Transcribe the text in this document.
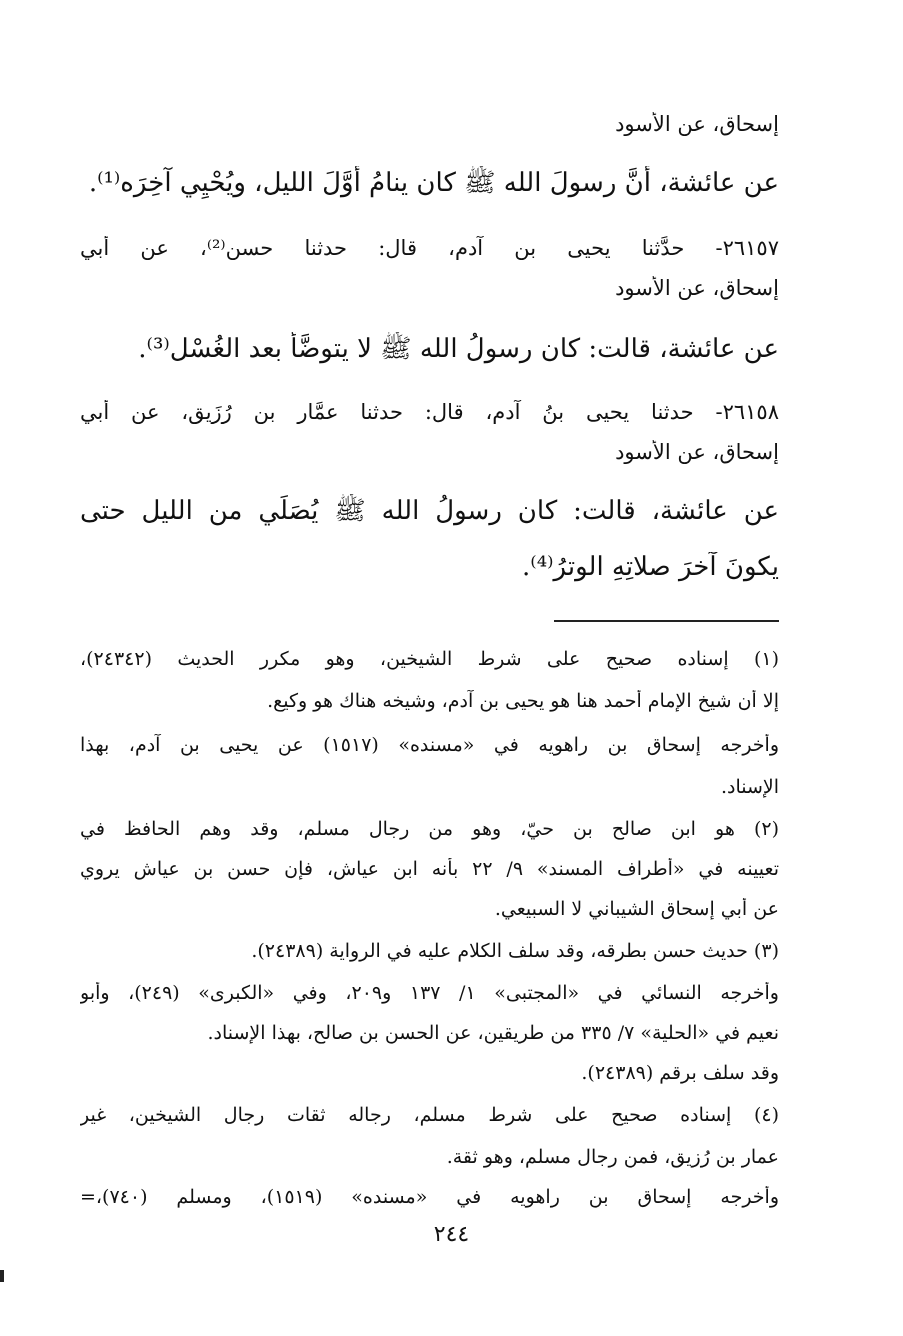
إسحاق، عن الأسود
عن عائشة، أنَّ رسولَ الله ﷺ كان ينامُ أَوَّلَ الليل، ويُحْيِي آخِرَه⁽¹⁾.
٢٦١٥٧- حدَّثنا يحيى بن آدم، قال: حدثنا حسن⁽²⁾، عن أبي
إسحاق، عن الأسود
عن عائشة، قالت: كان رسولُ الله ﷺ لا يتوضَّأُ بعد الغُسْل⁽³⁾.
٢٦١٥٨- حدثنا يحيى بنُ آدم، قال: حدثنا عمَّار بن رُزَيق، عن أبي
إسحاق، عن الأسود
عن عائشة، قالت: كان رسولُ الله ﷺ يُصَلِّي من الليل حتى
يكونَ آخرَ صلاتِهِ الوترُ⁽⁴⁾.
(١) إسناده صحيح على شرط الشيخين، وهو مكرر الحديث (٢٤٣٤٢)،
إلا أن شيخ الإمام أحمد هنا هو يحيى بن آدم، وشيخه هناك هو وكيع.
وأخرجه إسحاق بن راهويه في «مسنده» (١٥١٧) عن يحيى بن آدم، بهذا
الإسناد.
(٢) هو ابن صالح بن حيّ، وهو من رجال مسلم، وقد وهم الحافظ في
تعيينه في «أطراف المسند» ٩/ ٢٢ بأنه ابن عياش، فإن حسن بن عياش يروي
عن أبي إسحاق الشيباني لا السبيعي.
(٣) حديث حسن بطرقه، وقد سلف الكلام عليه في الرواية (٢٤٣٨٩).
وأخرجه النسائي في «المجتبى» ١/ ١٣٧ و٢٠٩، وفي «الكبرى» (٢٤٩)، وأبو
نعيم في «الحلية» ٧/ ٣٣٥ من طريقين، عن الحسن بن صالح، بهذا الإسناد.
وقد سلف برقم (٢٤٣٨٩).
(٤) إسناده صحيح على شرط مسلم، رجاله ثقات رجال الشيخين، غير
عمار بن رُزيق، فمن رجال مسلم، وهو ثقة.
وأخرجه إسحاق بن راهويه في «مسنده» (١٥١٩)، ومسلم (٧٤٠)،=
٢٤٤
